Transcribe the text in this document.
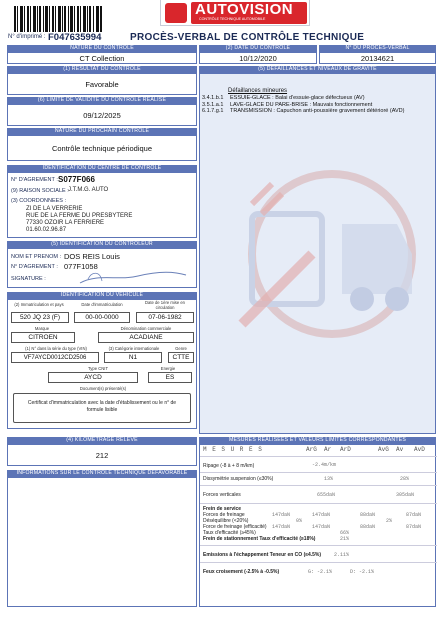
AUTOVISION
CONTRÔLE TECHNIQUE AUTOMOBILE
N° d'imprimé : F047635994	PROCÈS-VERBAL DE CONTRÔLE TECHNIQUE
NATURE DU CONTROLE	(2) DATE DU CONTROLE	N° DU PROCES-VERBAL
CT Collection	10/12/2020	20134621
(1) RESULTAT DU CONTROLE
Favorable
(6) LIMITE DE VALIDITE DU CONTROLE REALISE
09/12/2025
NATURE DU PROCHAIN CONTROLE
Contrôle technique périodique
IDENTIFICATION DU CENTRE DE CONTROLE
N° D'AGREMENT : S077F066
(9) RAISON SOCIALE : J.T.M.G. AUTO
(3) COORDONNEES :
ZI DE LA VERRERIE
RUE DE LA FERME DU PRESBYTERE
77330 OZOIR LA FERRIERE
01.60.02.96.87
(5) IDENTIFICATION DU CONTROLEUR
NOM ET PRENOM : DOS REIS Louis
N° D'AGREMENT : 077F1058
SIGNATURE :
IDENTIFICATION DU VEHICULE
(2) Immatriculation et pays	Date d'immatriculation	Date de 1ère mise en circulation
520 JQ 23 (F)	00-00-0000	07-06-1982
Marque	Dénomination commerciale
CITROEN	ACADIANE
(1) N° dans la série du type (VIN)	(3) Catégorie internationale	Genre
VF7AYCD0012CD2506	N1	CTTE
Type CNIT	Energie
AYCD	ES
Document(s) présenté(s)
Certificat d'immatriculation avec la date d'établissement ou le n° de formule lisible
(4) KILOMETRAGE RELEVE
212
INFORMATIONS SUR LE CONTROLE TECHNIQUE DEFAVORABLE
(5) DEFAILLANCES ET NIVEAUX DE GRAVITE
Défaillances mineures
3.4.1.b.1	ESSUIE-GLACE : Balai d'essuie-glace défectueux (AV)
3.5.1.a.1	LAVE-GLACE DU PARE-BRISE : Mauvais fonctionnement
6.1.7.g.1	TRANSMISSION : Capuchon anti-poussière gravement détérioré (AVD)
MESURES REALISEES ET VALEURS LIMITES CORRESPONDANTES
M E S U R E S	ArG Ar ArD	AvG Av AvD
Ripage (-8 à + 8 m/km)	-2.4m/km
Dissymétrie suspension (≤30%)	13%	28%
Forces verticales	655daN	305daN
Frein de service
Forces de freinage	147daN	147daN	88daN	87daN
Déséquilibre (<20%)	0%	2%
Force de freinage (efficacité) 147daN	147daN	88daN	87daN
Taux d'efficacité (≥45%)	66%
Frein de stationnement Taux d'efficacité (≥18%)	21%
Emissions à l'échappement Teneur en CO (≤4.5%)	2.11%
Feux croisement (-2.5% à -0.5%)	G: -2.1%	D: -2.1%
